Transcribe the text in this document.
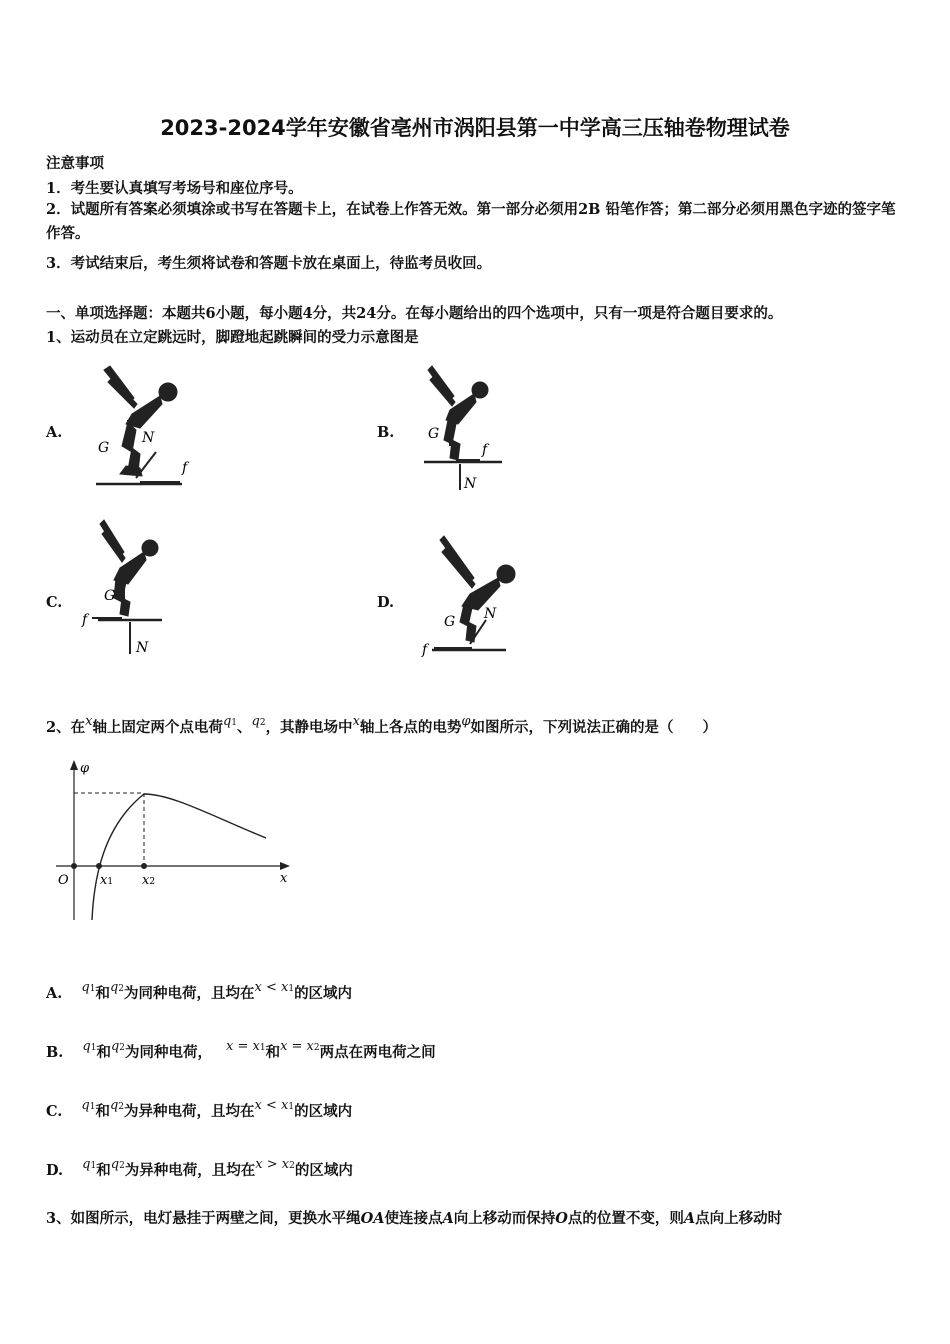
2023-2024学年安徽省亳州市涡阳县第一中学高三压轴卷物理试卷
注意事项
1．考生要认真填写考场号和座位序号。
2．试题所有答案必须填涂或书写在答题卡上，在试卷上作答无效。第一部分必须用2B 铅笔作答；第二部分必须用黑色字迹的签字笔作答。
3．考试结束后，考生须将试卷和答题卡放在桌面上，待监考员收回。
一、单项选择题：本题共6小题，每小题4分，共24分。在每小题给出的四个选项中，只有一项是符合题目要求的。
1、运动员在立定跳远时，脚蹬地起跳瞬间的受力示意图是
A.	B.
C.	D.
G
N
f
G
f
N
G
f
N
G N
f
2、在x轴上固定两个点电荷q1、q2，其静电场中x轴上各点的电势φ如图所示，下列说法正确的是（　　）
φ
O x1 x2	x
A. q1和q2为同种电荷，且均在x < x1的区域内
B. q1和q2为同种电荷， x = x1和x = x2两点在两电荷之间
C. q1和q2为异种电荷，且均在x < x1的区域内
D. q1和q2为异种电荷，且均在x > x2的区域内
3、如图所示，电灯悬挂于两壁之间，更换水平绳OA使连接点A向上移动而保持O点的位置不变，则A点向上移动时
